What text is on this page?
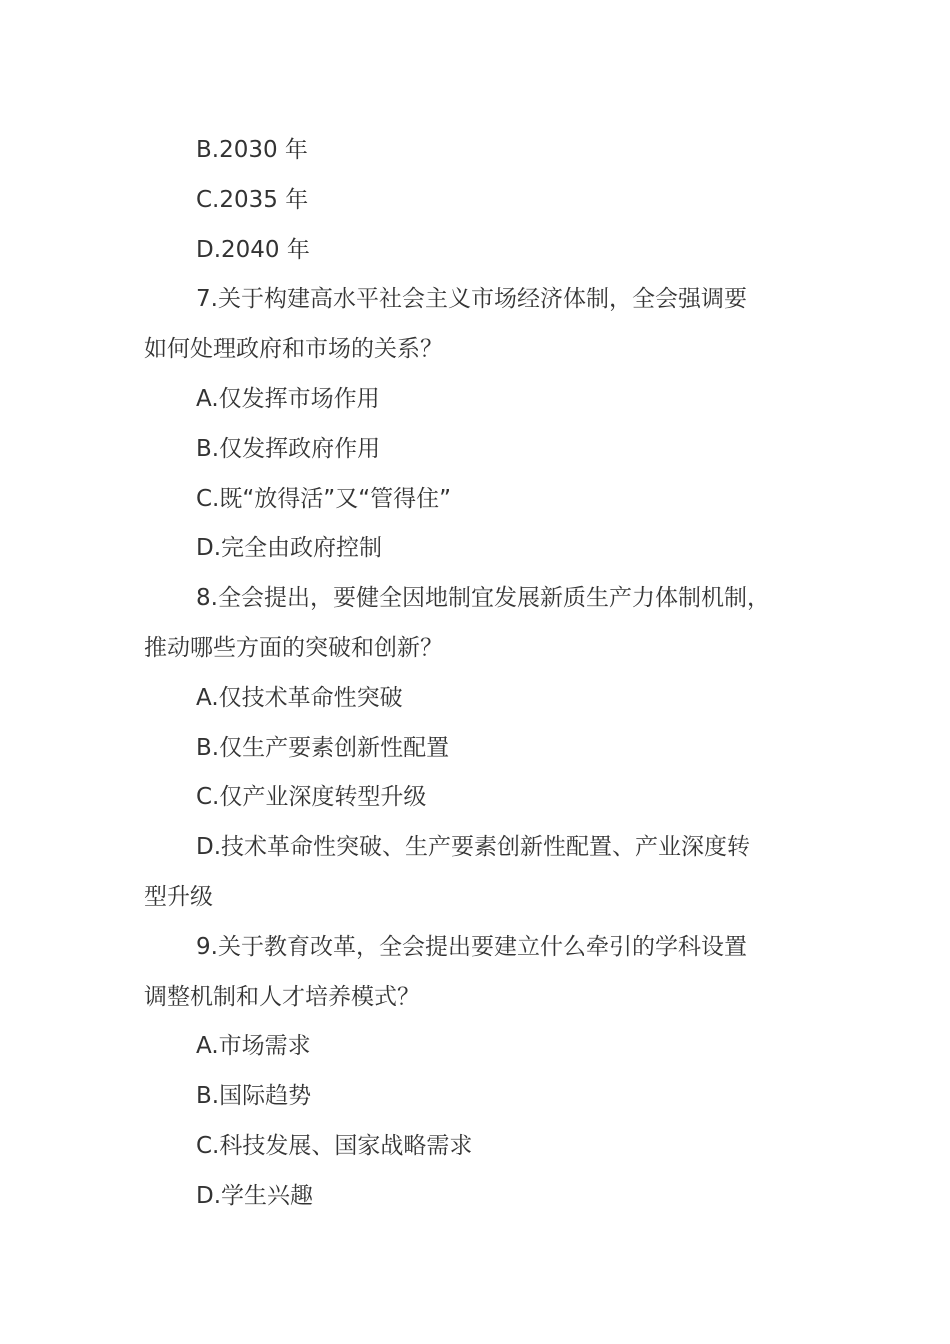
B.2030 年
C.2035 年
D.2040 年
7.关于构建高水平社会主义市场经济体制，全会强调要
如何处理政府和市场的关系？
A.仅发挥市场作用
B.仅发挥政府作用
C.既“放得活”又“管得住”
D.完全由政府控制
8.全会提出，要健全因地制宜发展新质生产力体制机制，
推动哪些方面的突破和创新？
A.仅技术革命性突破
B.仅生产要素创新性配置
C.仅产业深度转型升级
D.技术革命性突破、生产要素创新性配置、产业深度转
型升级
9.关于教育改革，全会提出要建立什么牵引的学科设置
调整机制和人才培养模式？
A.市场需求
B.国际趋势
C.科技发展、国家战略需求
D.学生兴趣
